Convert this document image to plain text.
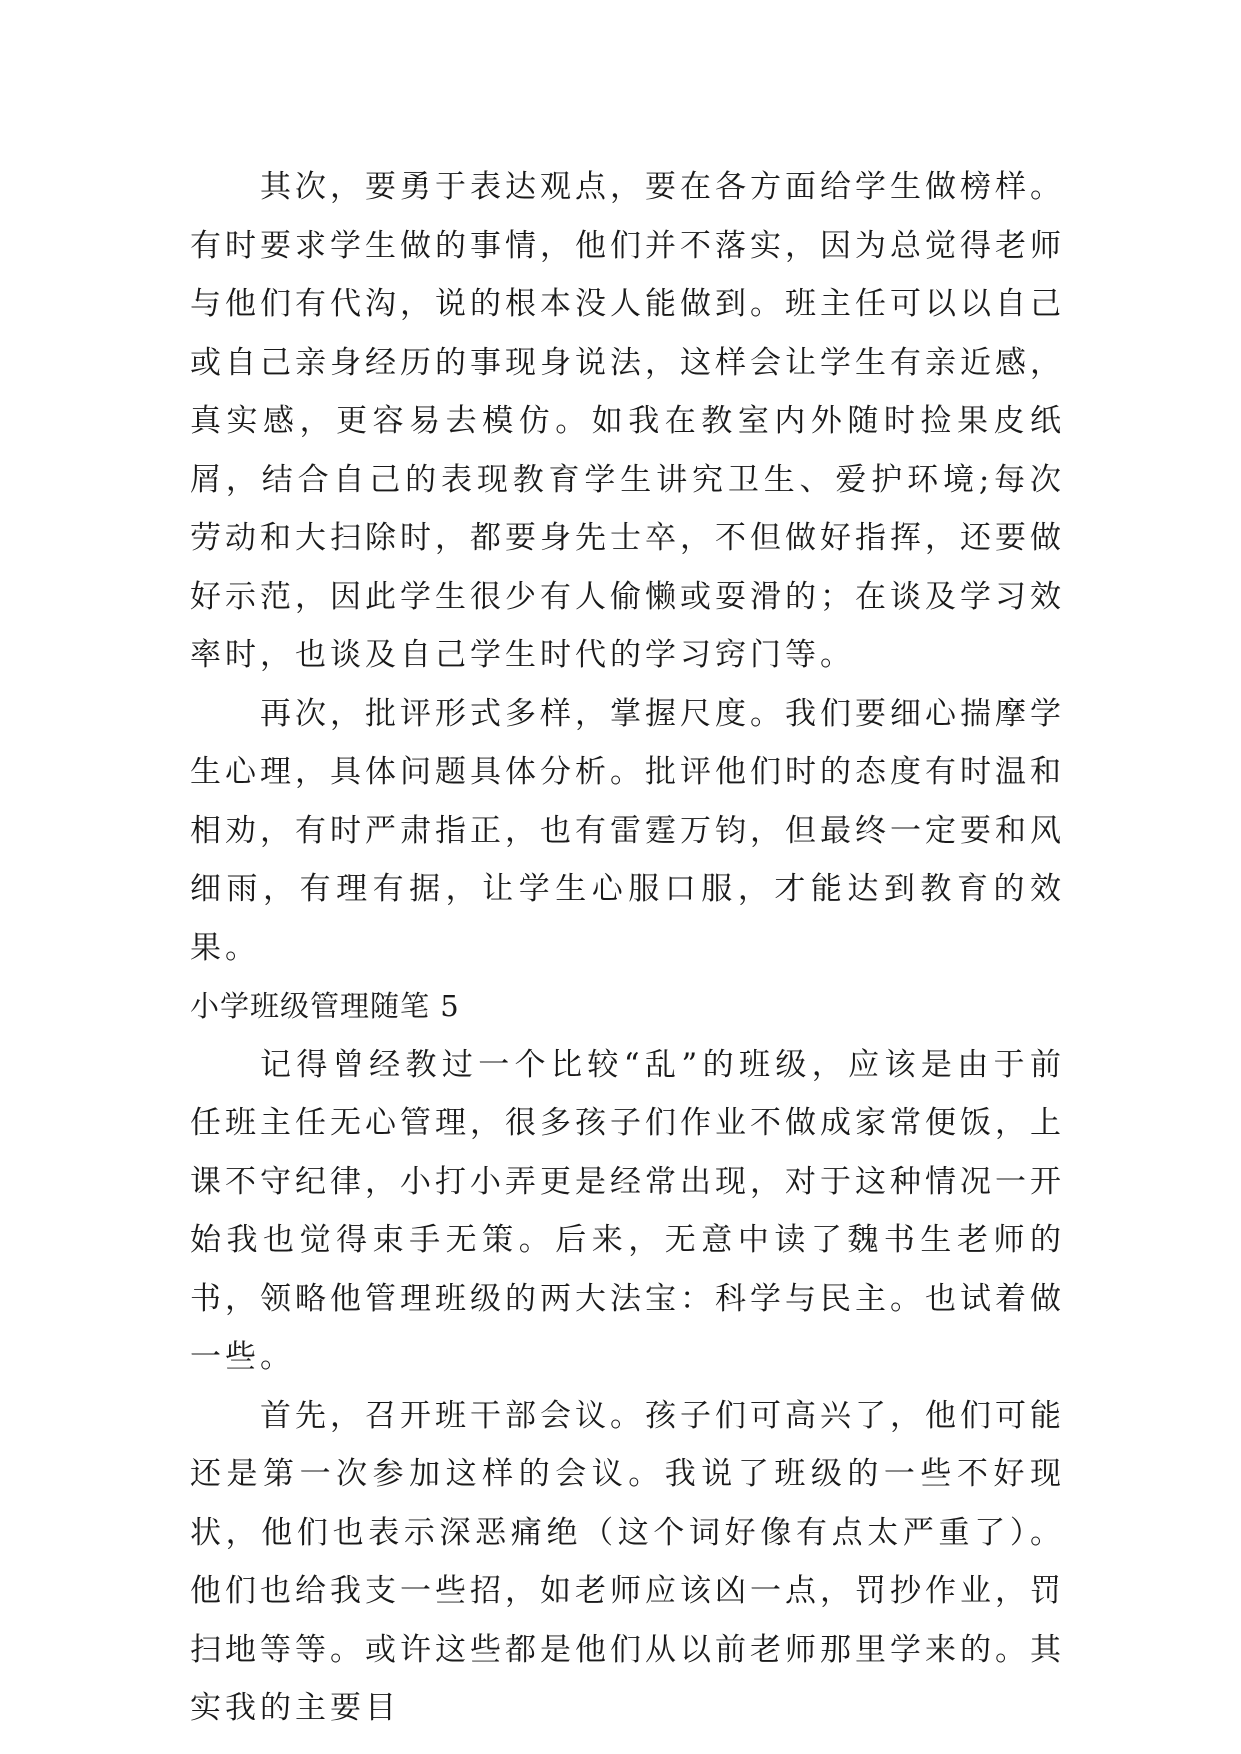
其次，要勇于表达观点，要在各方面给学生做榜样。有时要求学生做的事情，他们并不落实，因为总觉得老师与他们有代沟，说的根本没人能做到。班主任可以以自己或自己亲身经历的事现身说法，这样会让学生有亲近感，真实感，更容易去模仿。如我在教室内外随时捡果皮纸屑，结合自己的表现教育学生讲究卫生、爱护环境;每次劳动和大扫除时，都要身先士卒，不但做好指挥，还要做好示范，因此学生很少有人偷懒或耍滑的；在谈及学习效率时，也谈及自己学生时代的学习窍门等。

再次，批评形式多样，掌握尺度。我们要细心揣摩学生心理，具体问题具体分析。批评他们时的态度有时温和相劝，有时严肃指正，也有雷霆万钧，但最终一定要和风细雨，有理有据，让学生心服口服，才能达到教育的效果。

小学班级管理随笔 5

记得曾经教过一个比较“乱”的班级，应该是由于前任班主任无心管理，很多孩子们作业不做成家常便饭，上课不守纪律，小打小弄更是经常出现，对于这种情况一开始我也觉得束手无策。后来，无意中读了魏书生老师的书，领略他管理班级的两大法宝：科学与民主。也试着做一些。

首先，召开班干部会议。孩子们可高兴了，他们可能还是第一次参加这样的会议。我说了班级的一些不好现状，他们也表示深恶痛绝（这个词好像有点太严重了）。他们也给我支一些招，如老师应该凶一点，罚抄作业，罚扫地等等。或许这些都是他们从以前老师那里学来的。其实我的主要目
